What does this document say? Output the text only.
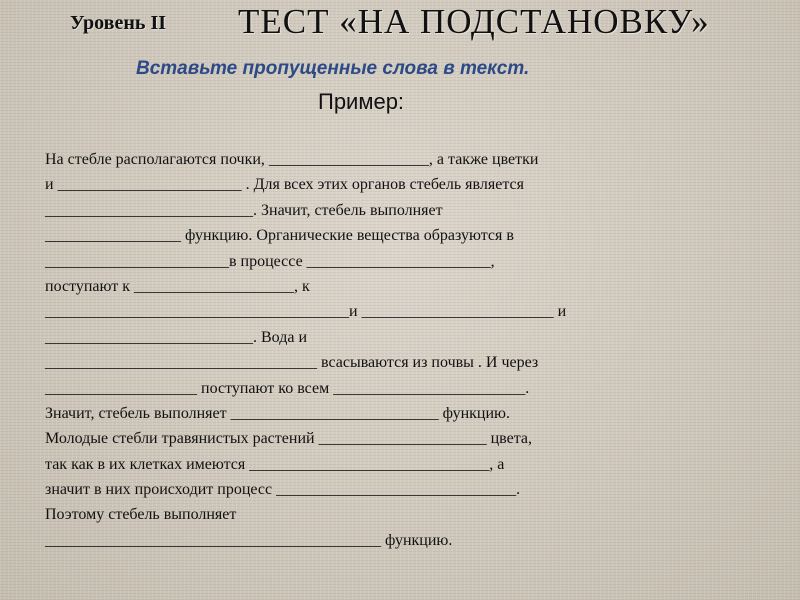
Уровень II ТЕСТ «НА ПОДСТАНОВКУ»
Вставьте пропущенные слова в текст.
Пример:
На стебле располагаются почки, ____________________, а также цветки
и _______________________ . Для всех этих органов стебель является
__________________________. Значит, стебель выполняет
_________________ функцию. Органические вещества образуются в
_______________________в процессе _______________________,
поступают к ____________________, к
______________________________________и ________________________ и
__________________________. Вода и
__________________________________ всасываются из почвы . И через
___________________ поступают ко всем ________________________.
Значит, стебель выполняет __________________________ функцию.
Молодые стебли травянистых растений _____________________ цвета,
так как в их клетках имеются ______________________________, а
значит в них происходит процесс ______________________________.
Поэтому стебель выполняет
__________________________________________ функцию.
